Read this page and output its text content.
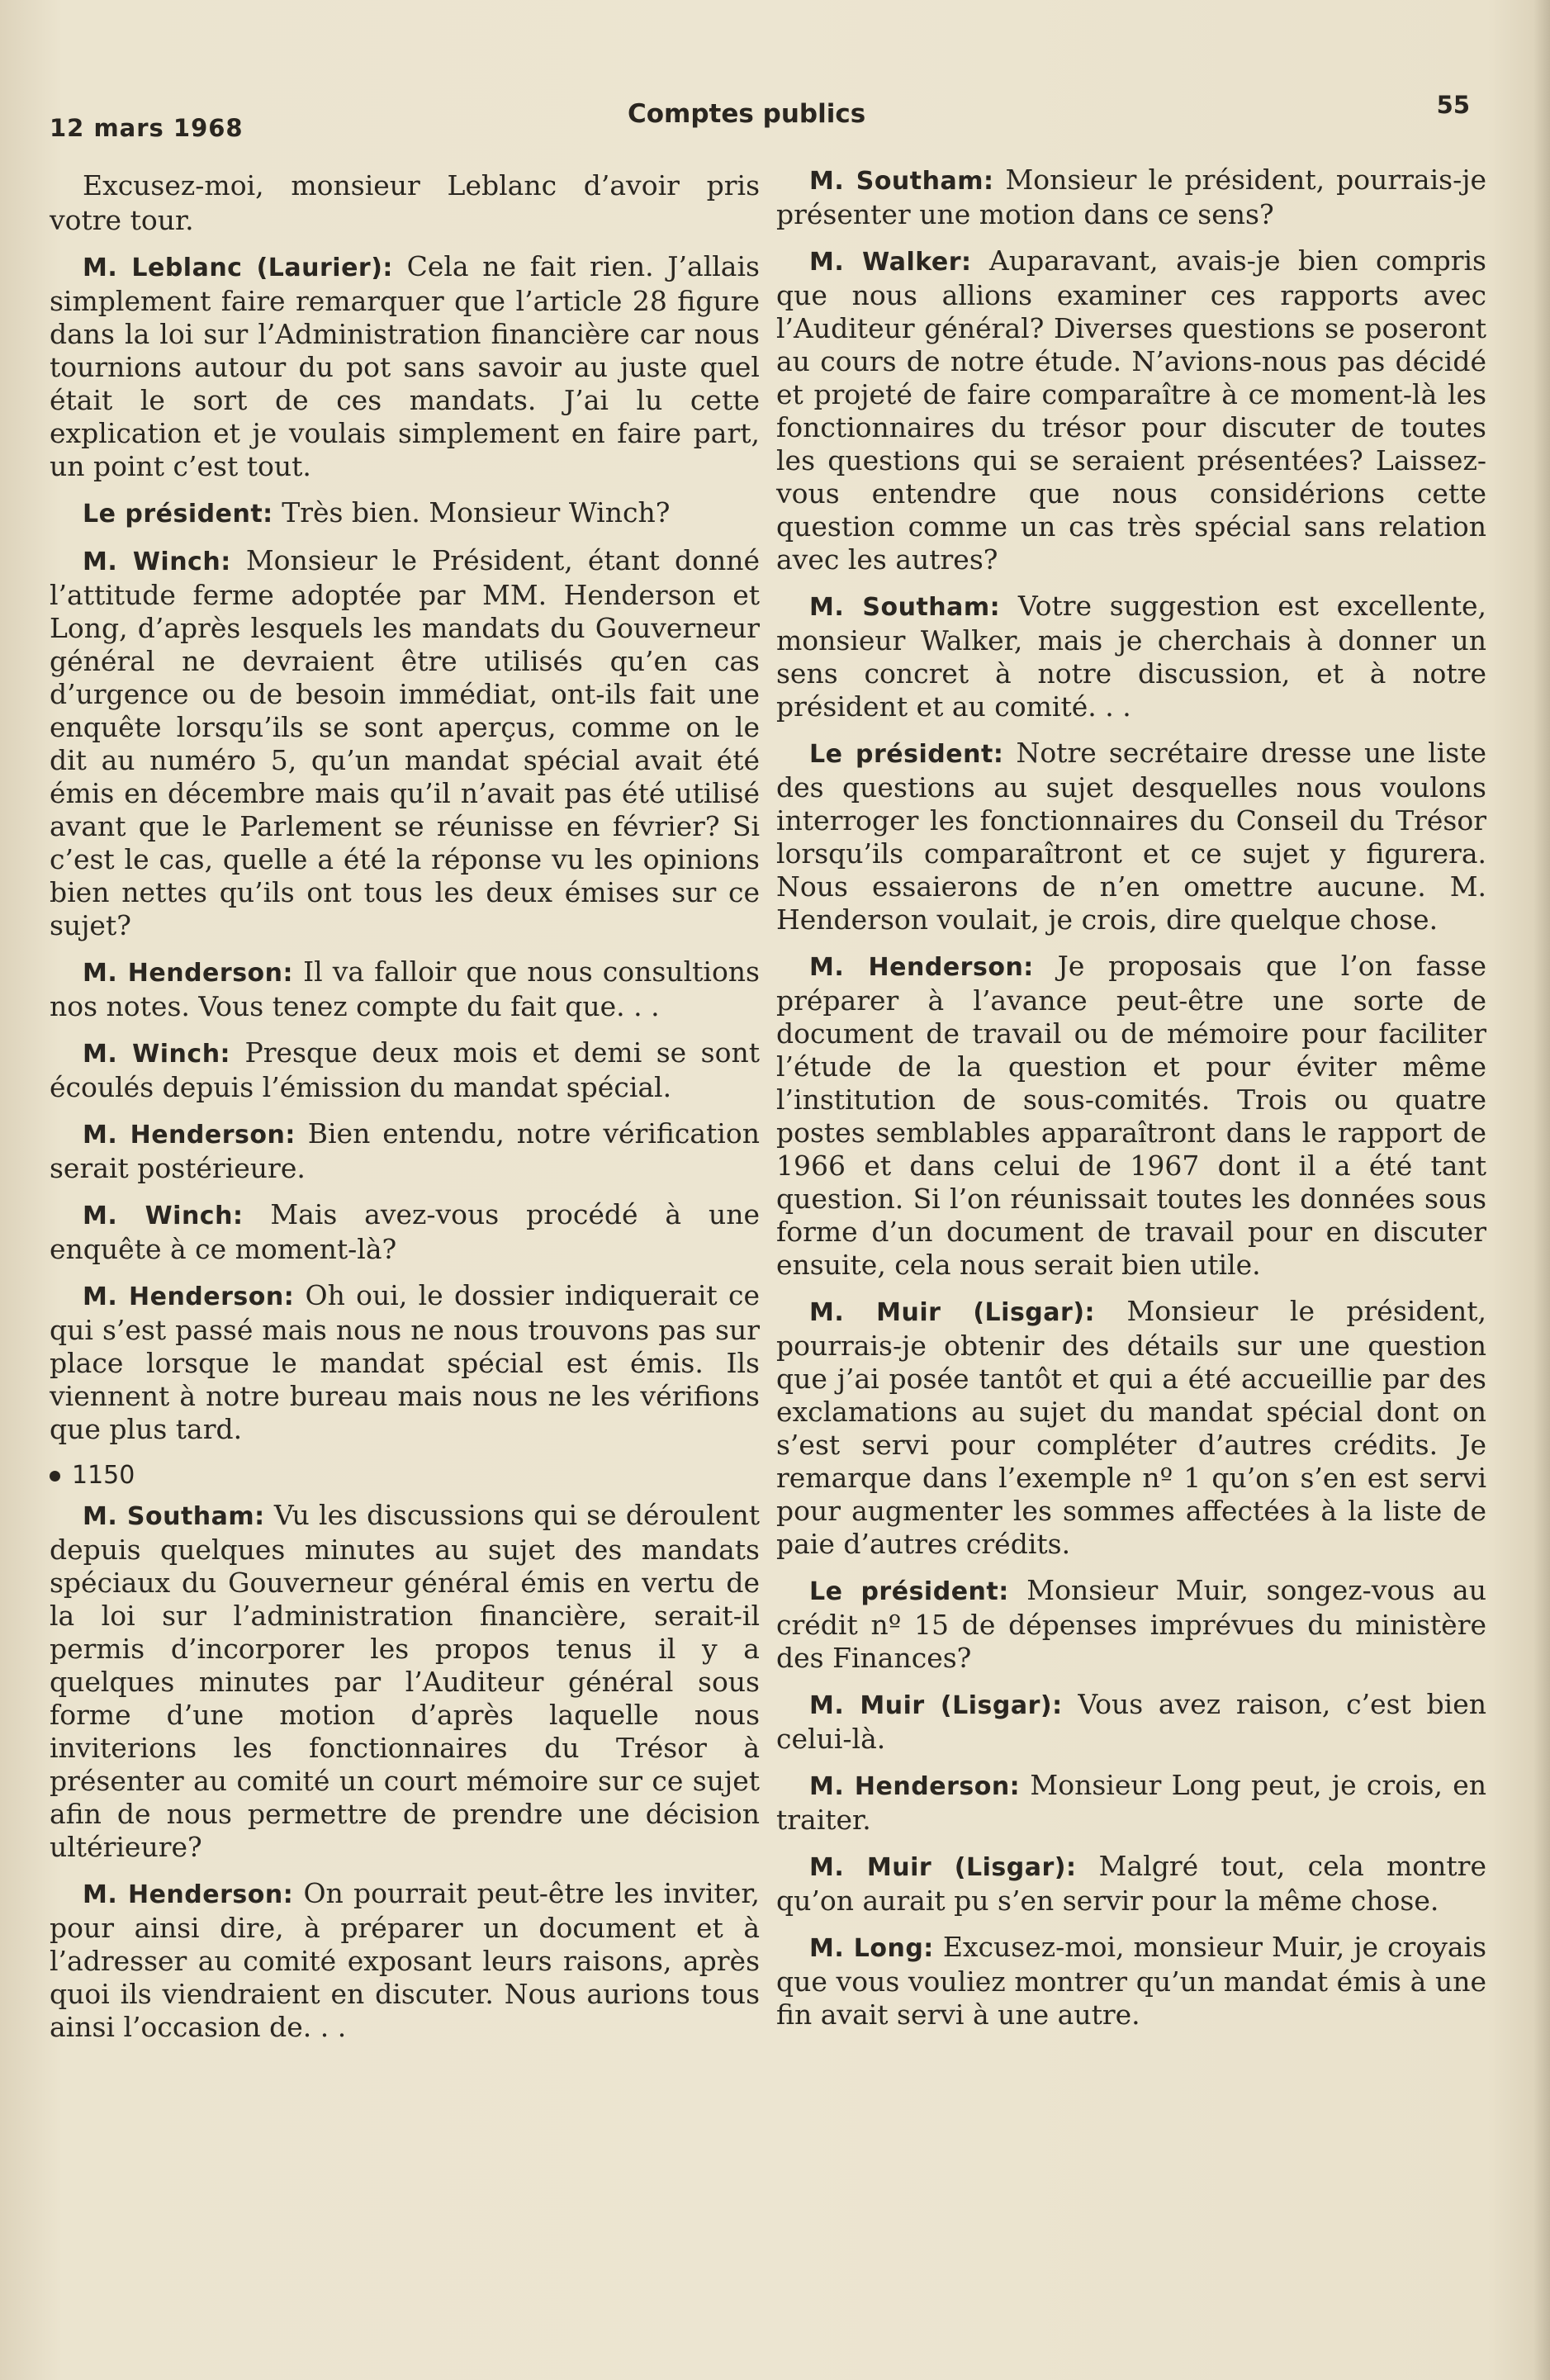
12 mars 1968	Comptes publics	55

Excusez-moi, monsieur Leblanc d’avoir pris votre tour.

M. Leblanc (Laurier): Cela ne fait rien. J’allais simplement faire remarquer que l’article 28 figure dans la loi sur l’Administration financière car nous tournions autour du pot sans savoir au juste quel était le sort de ces mandats. J’ai lu cette explication et je voulais simplement en faire part, un point c’est tout.

Le président: Très bien. Monsieur Winch?

M. Winch: Monsieur le Président, étant donné l’attitude ferme adoptée par MM. Henderson et Long, d’après lesquels les mandats du Gouverneur général ne devraient être utilisés qu’en cas d’urgence ou de besoin immédiat, ont-ils fait une enquête lorsqu’ils se sont aperçus, comme on le dit au numéro 5, qu’un mandat spécial avait été émis en décembre mais qu’il n’avait pas été utilisé avant que le Parlement se réunisse en février? Si c’est le cas, quelle a été la réponse vu les opinions bien nettes qu’ils ont tous les deux émises sur ce sujet?

M. Henderson: Il va falloir que nous consultions nos notes. Vous tenez compte du fait que. . .

M. Winch: Presque deux mois et demi se sont écoulés depuis l’émission du mandat spécial.

M. Henderson: Bien entendu, notre vérification serait postérieure.

M. Winch: Mais avez-vous procédé à une enquête à ce moment-là?

M. Henderson: Oh oui, le dossier indiquerait ce qui s’est passé mais nous ne nous trouvons pas sur place lorsque le mandat spécial est émis. Ils viennent à notre bureau mais nous ne les vérifions que plus tard.

1150

M. Southam: Vu les discussions qui se déroulent depuis quelques minutes au sujet des mandats spéciaux du Gouverneur général émis en vertu de la loi sur l’administration financière, serait-il permis d’incorporer les propos tenus il y a quelques minutes par l’Auditeur général sous forme d’une motion d’après laquelle nous inviterions les fonctionnaires du Trésor à présenter au comité un court mémoire sur ce sujet afin de nous permettre de prendre une décision ultérieure?

M. Henderson: On pourrait peut-être les inviter, pour ainsi dire, à préparer un document et à l’adresser au comité exposant leurs raisons, après quoi ils viendraient en discuter. Nous aurions tous ainsi l’occasion de. . .

M. Southam: Monsieur le président, pourrais-je présenter une motion dans ce sens?

M. Walker: Auparavant, avais-je bien compris que nous allions examiner ces rapports avec l’Auditeur général? Diverses questions se poseront au cours de notre étude. N’avions-nous pas décidé et projeté de faire comparaître à ce moment-là les fonctionnaires du trésor pour discuter de toutes les questions qui se seraient présentées? Laissez-vous entendre que nous considérions cette question comme un cas très spécial sans relation avec les autres?

M. Southam: Votre suggestion est excellente, monsieur Walker, mais je cherchais à donner un sens concret à notre discussion, et à notre président et au comité. . .

Le président: Notre secrétaire dresse une liste des questions au sujet desquelles nous voulons interroger les fonctionnaires du Conseil du Trésor lorsqu’ils comparaîtront et ce sujet y figurera. Nous essaierons de n’en omettre aucune. M. Henderson voulait, je crois, dire quelque chose.

M. Henderson: Je proposais que l’on fasse préparer à l’avance peut-être une sorte de document de travail ou de mémoire pour faciliter l’étude de la question et pour éviter même l’institution de sous-comités. Trois ou quatre postes semblables apparaîtront dans le rapport de 1966 et dans celui de 1967 dont il a été tant question. Si l’on réunissait toutes les données sous forme d’un document de travail pour en discuter ensuite, cela nous serait bien utile.

M. Muir (Lisgar): Monsieur le président, pourrais-je obtenir des détails sur une question que j’ai posée tantôt et qui a été accueillie par des exclamations au sujet du mandat spécial dont on s’est servi pour compléter d’autres crédits. Je remarque dans l’exemple nº 1 qu’on s’en est servi pour augmenter les sommes affectées à la liste de paie d’autres crédits.

Le président: Monsieur Muir, songez-vous au crédit nº 15 de dépenses imprévues du ministère des Finances?

M. Muir (Lisgar): Vous avez raison, c’est bien celui-là.

M. Henderson: Monsieur Long peut, je crois, en traiter.

M. Muir (Lisgar): Malgré tout, cela montre qu’on aurait pu s’en servir pour la même chose.

M. Long: Excusez-moi, monsieur Muir, je croyais que vous vouliez montrer qu’un mandat émis à une fin avait servi à une autre.
